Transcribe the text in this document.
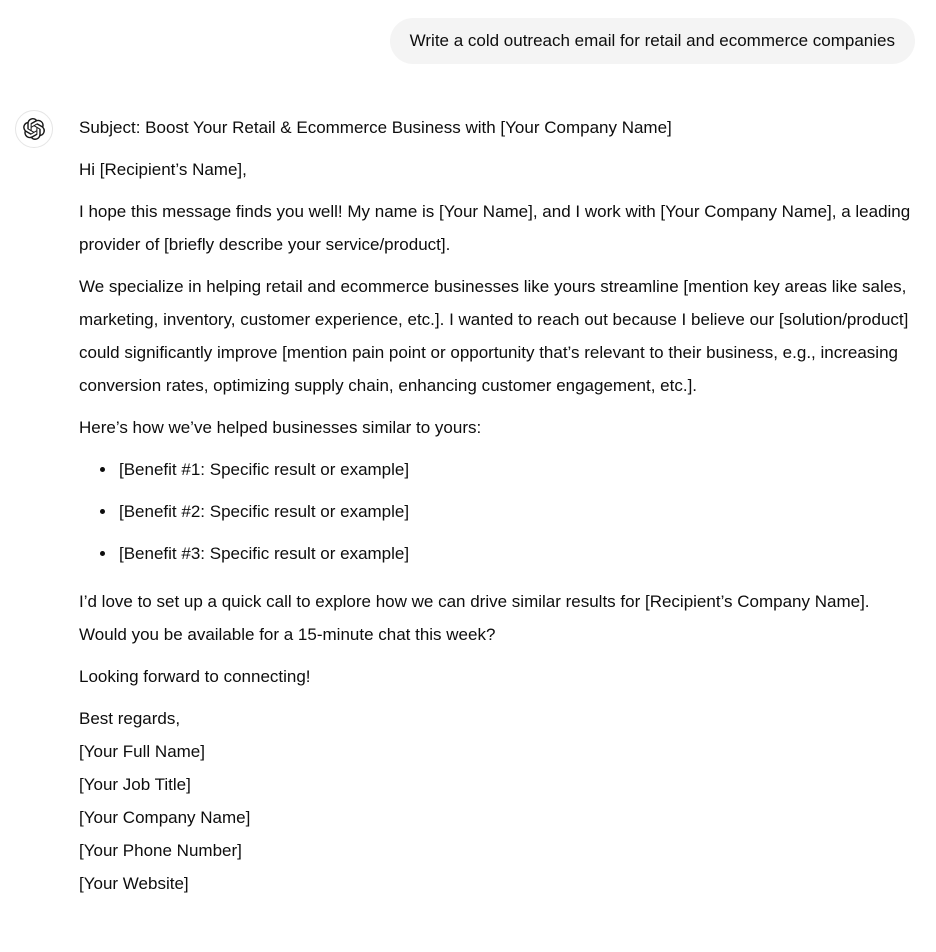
Write a cold outreach email for retail and ecommerce companies

Subject: Boost Your Retail & Ecommerce Business with [Your Company Name]

Hi [Recipient’s Name],

I hope this message finds you well! My name is [Your Name], and I work with [Your Company Name], a leading provider of [briefly describe your service/product].

We specialize in helping retail and ecommerce businesses like yours streamline [mention key areas like sales, marketing, inventory, customer experience, etc.]. I wanted to reach out because I believe our [solution/product] could significantly improve [mention pain point or opportunity that’s relevant to their business, e.g., increasing conversion rates, optimizing supply chain, enhancing customer engagement, etc.].

Here’s how we’ve helped businesses similar to yours:

• [Benefit #1: Specific result or example]
• [Benefit #2: Specific result or example]
• [Benefit #3: Specific result or example]

I’d love to set up a quick call to explore how we can drive similar results for [Recipient’s Company Name]. Would you be available for a 15-minute chat this week?

Looking forward to connecting!

Best regards,
[Your Full Name]
[Your Job Title]
[Your Company Name]
[Your Phone Number]
[Your Website]
